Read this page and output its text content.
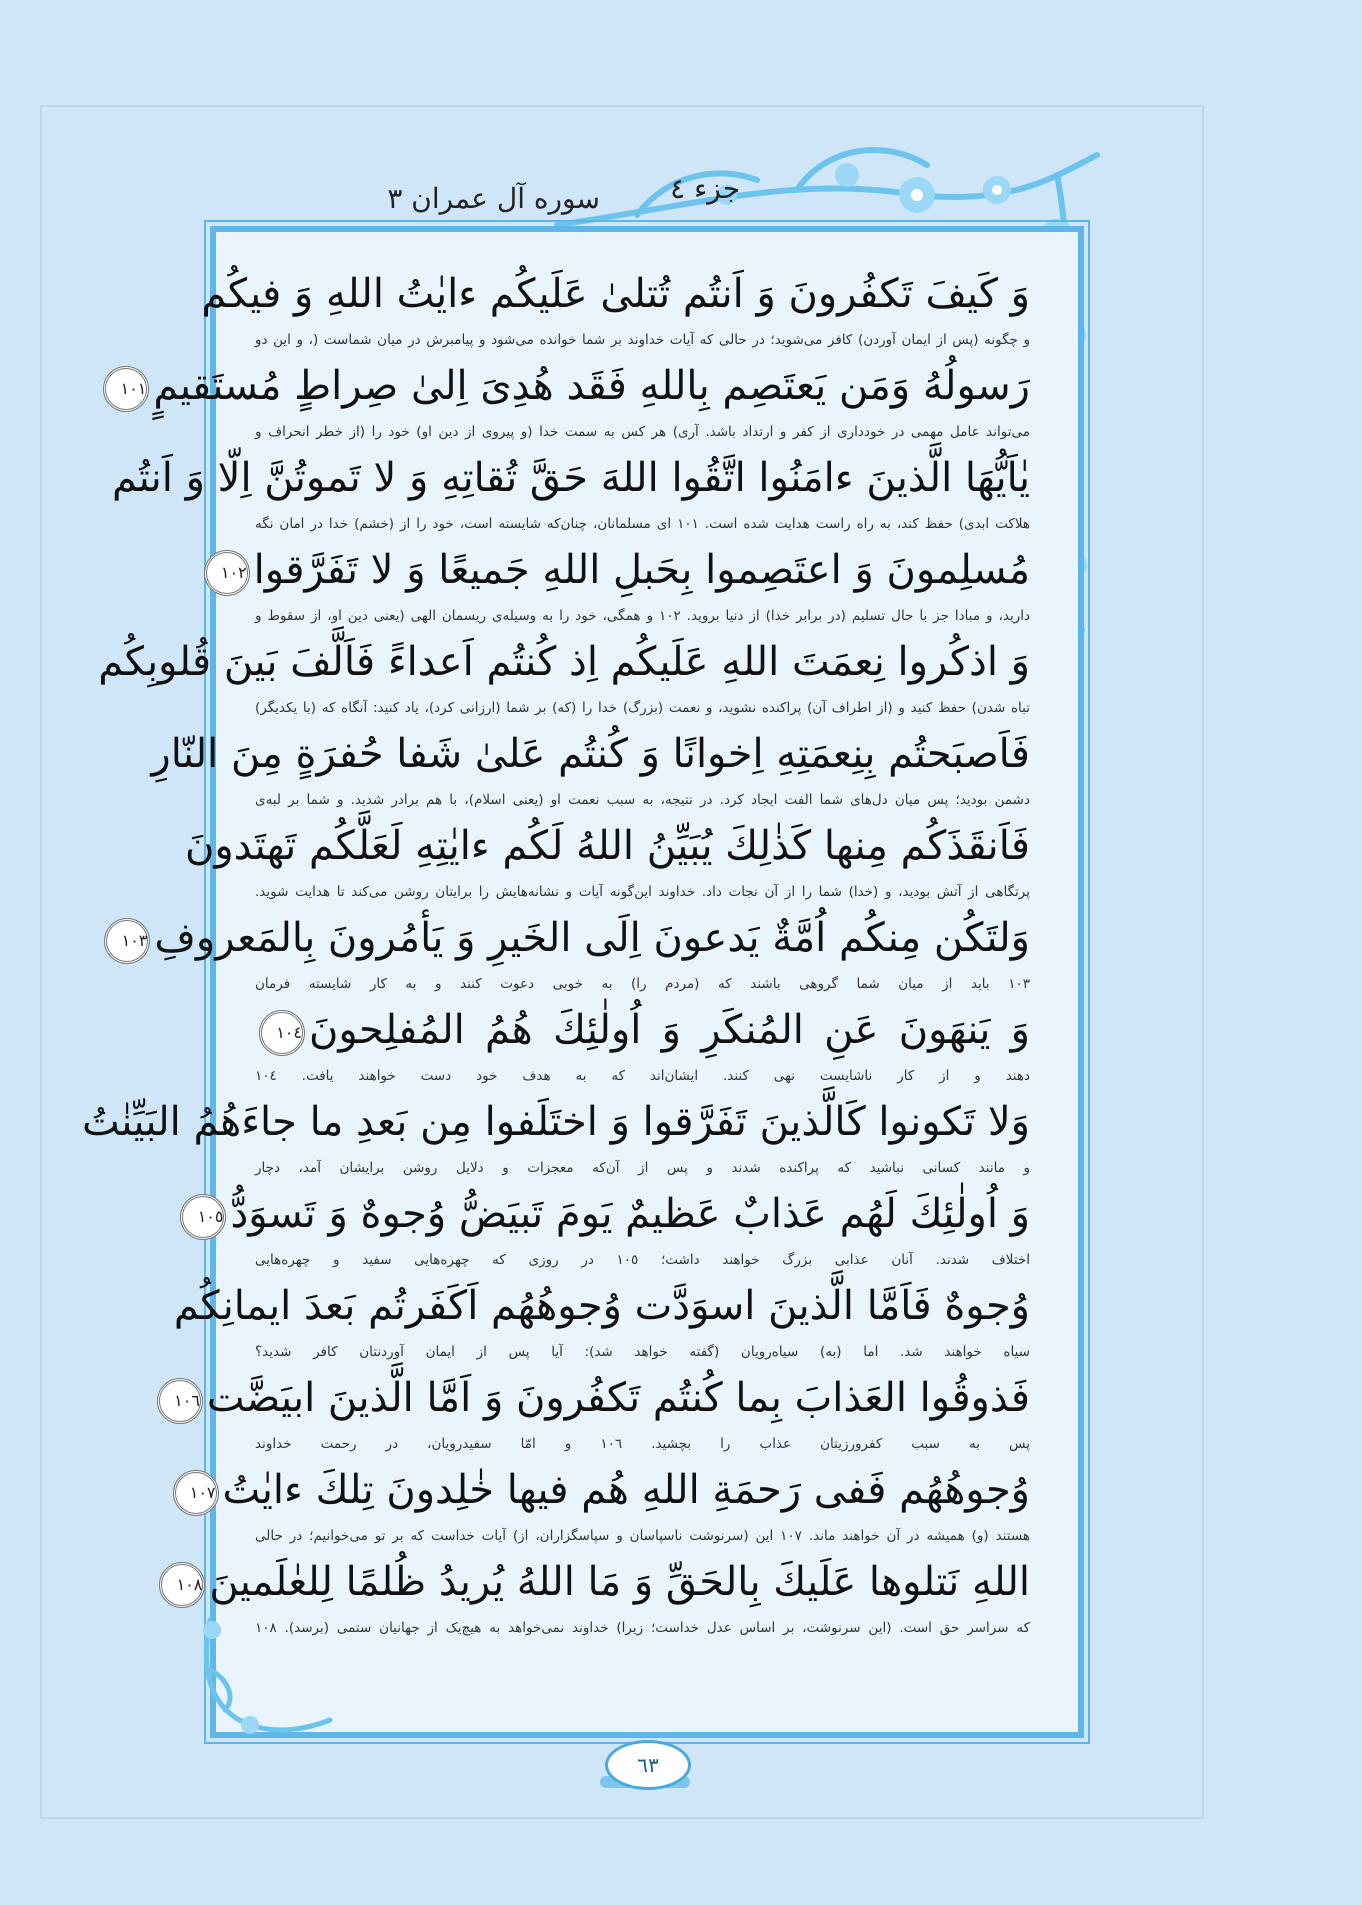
جزء ٤
سوره آل عمران ٣
وَ كَيفَ تَكفُرونَ وَ اَنتُم تُتلىٰ عَلَيكُم ءايٰتُ اللهِ وَ فيكُم
و چگونه (پس از ایمان آوردن) کافر می‌شوید؛ در حالی که آیات خداوند بر شما خوانده می‌شود و پیامبرش در میان شماست (، و این دو
رَسولُهُ وَمَن يَعتَصِم بِاللهِ فَقَد هُدِىَ اِلىٰ صِراطٍ مُستَقيمٍ١٠١
می‌تواند عامل مهمی در خودداری از کفر و ارتداد باشد. آری) هر کس به سمت خدا (و پیروی از دین او) خود را (از خطر انحراف و
يٰاَيُّهَا الَّذينَ ءامَنُوا اتَّقُوا اللهَ حَقَّ تُقاتِهِ وَ لا تَموتُنَّ اِلّا وَ اَنتُم
هلاکت ابدی) حفظ کند، به راه راست هدایت شده است. ١٠١ ای مسلمانان، چنان‌که شایسته است، خود را از (خشم) خدا در امان نگه
مُسلِمونَ وَ اعتَصِموا بِحَبلِ اللهِ جَميعًا وَ لا تَفَرَّقوا١٠٢
دارید، و مبادا جز با حال تسلیم (در برابر خدا) از دنیا بروید. ١٠٢ و همگی، خود را به وسیله‌ی ریسمان الهی (یعنی دین او، از سقوط و
وَ اذكُروا نِعمَتَ اللهِ عَلَيكُم اِذ كُنتُم اَعداءً فَاَلَّفَ بَينَ قُلوبِكُم
تباه شدن) حفظ کنید و (از اطراف آن) پراکنده نشوید، و نعمت (بزرگ) خدا را (که) بر شما (ارزانی کرد)، یاد کنید: آنگاه که (با یکدیگر)
فَاَصبَحتُم بِنِعمَتِهِ اِخوانًا وَ كُنتُم عَلىٰ شَفا حُفرَةٍ مِنَ النّارِ
دشمن بودید؛ پس میان دل‌های شما الفت ایجاد کرد. در نتیجه، به سبب نعمت او (یعنی اسلام)، با هم برادر شدید. و شما بر لبه‌ی
فَاَنقَذَكُم مِنها كَذٰلِكَ يُبَيِّنُ اللهُ لَكُم ءايٰتِهِ لَعَلَّكُم تَهتَدونَ
پرتگاهی از آتش بودید، و (خدا) شما را از آن نجات داد. خداوند این‌گونه آیات و نشانه‌هایش را برایتان روشن می‌کند تا هدایت شوید.
وَلتَكُن مِنكُم اُمَّةٌ يَدعونَ اِلَى الخَيرِ وَ يَأمُرونَ بِالمَعروفِ١٠٣
١٠٣ باید از میان شما گروهی باشند که (مردم را) به خوبی دعوت کنند و به کار شایسته فرمان
وَ يَنهَونَ عَنِ المُنكَرِ وَ اُولٰئِكَ هُمُ المُفلِحونَ١٠٤
دهند و از کار ناشایست نهی کنند. ایشان‌اند که به هدف خود دست خواهند یافت. ١٠٤
وَلا تَكونوا كَالَّذينَ تَفَرَّقوا وَ اختَلَفوا مِن بَعدِ ما جاءَهُمُ البَيِّنٰتُ
و مانند کسانی نباشید که پراکنده شدند و پس از آن‌که معجزات و دلایل روشن برایشان آمد، دچار
وَ اُولٰئِكَ لَهُم عَذابٌ عَظيمٌ يَومَ تَبيَضُّ وُجوهٌ وَ تَسوَدُّ١٠٥
اختلاف شدند. آنان عذابی بزرگ خواهند داشت؛ ١٠٥ در روزی که چهره‌هایی سفید و چهره‌هایی
وُجوهٌ فَاَمَّا الَّذينَ اسوَدَّت وُجوهُهُم اَكَفَرتُم بَعدَ ايمانِكُم
سیاه خواهند شد. اما (به) سیاه‌رویان (گفته خواهد شد): آیا پس از ایمان آوردنتان کافر شدید؟
فَذوقُوا العَذابَ بِما كُنتُم تَكفُرونَ وَ اَمَّا الَّذينَ ابيَضَّت١٠٦
پس به سبب کفرورزیتان عذاب را بچشید. ١٠٦ و امّا سفیدرویان، در رحمت خداوند
وُجوهُهُم فَفى رَحمَةِ اللهِ هُم فيها خٰلِدونَ تِلكَ ءايٰتُ١٠٧
هستند (و) همیشه در آن خواهند ماند. ١٠٧ این (سرنوشت ناسپاسان و سپاسگزاران، از) آیات خداست که بر تو می‌خوانیم؛ در حالی
اللهِ نَتلوها عَلَيكَ بِالحَقِّ وَ مَا اللهُ يُريدُ ظُلمًا لِلعٰلَمينَ١٠٨
که سراسر حق است. (این سرنوشت، بر اساس عدل خداست؛ زیرا) خداوند نمی‌خواهد به هیچ‌یک از جهانیان ستمی (برسد). ١٠٨
٦٣
